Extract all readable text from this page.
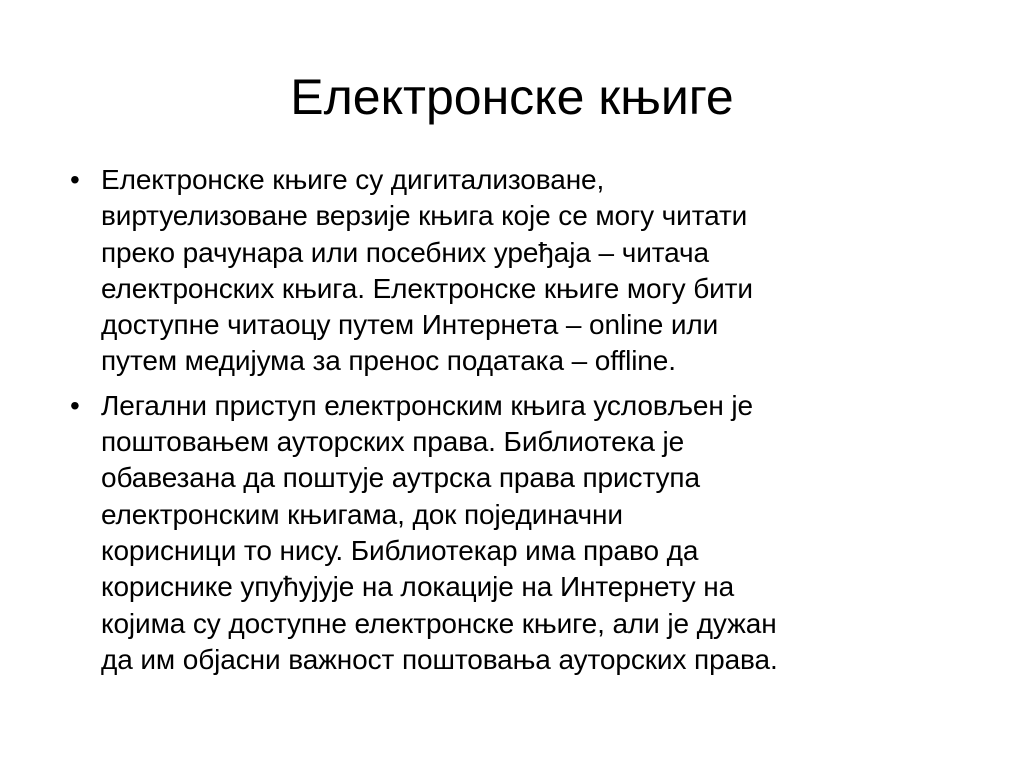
Електронске књиге
• Електронске књиге су дигитализоване,
виртуелизоване верзије књига које се могу читати
преко рачунара или посебних уређаја – читача
електронских књига. Електронске књиге могу бити
доступне читаоцу путем Интернета – online или
путем медијума за пренос података – offline.
• Легални приступ електронским књига условљен је
поштовањем ауторских права. Библиотека је
обавезана да поштује аутрска права приступа
електронским књигама, док појединачни
корисници то нису. Библиотекар има право да
кориснике упућујује на локације на Интернету на
којима су доступне електронске књиге, али је дужан
да им објасни важност поштовања ауторских права.
